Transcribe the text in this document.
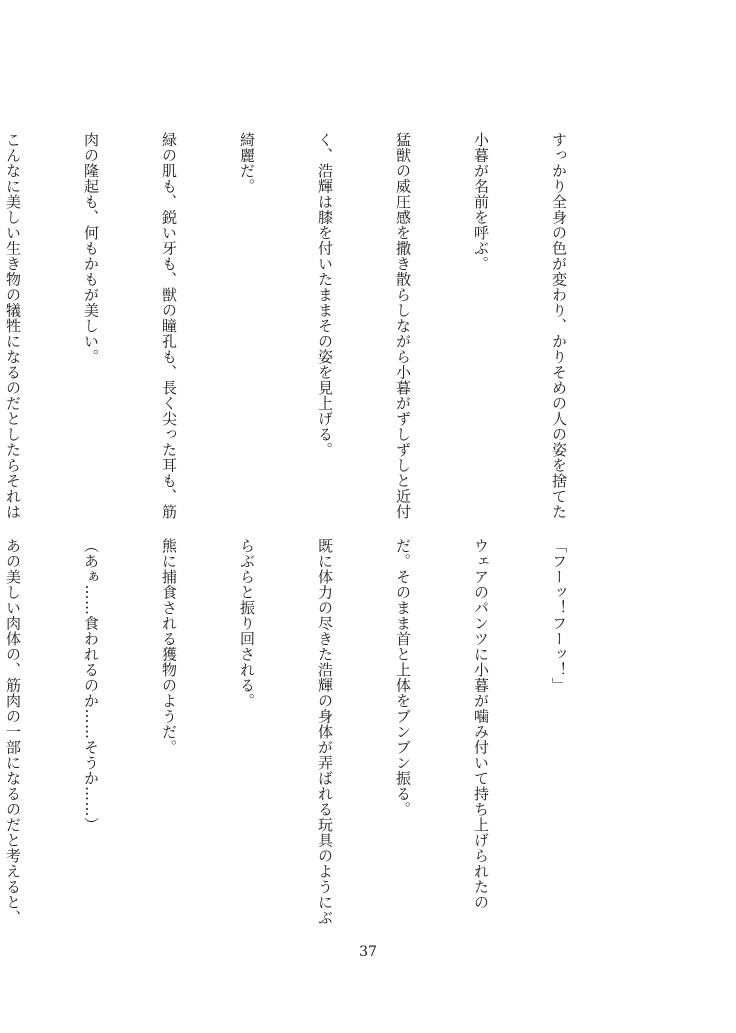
すっかり全身の色が変わり、かりそめの人の姿を捨てた

小暮が名前を呼ぶ。

猛獣の威圧感を撒き散らしながら小暮がずしずしと近付

く、浩輝は膝を付いたままその姿を見上げる。

綺麗だ。

緑の肌も、鋭い牙も、獣の瞳孔も、長く尖った耳も、筋

肉の隆起も、何もかもが美しい。

こんなに美しい生き物の犠牲になるのだとしたらそれは

「フーッ！フーッ！」

ウェアのパンツに小暮が噛み付いて持ち上げられたの

だ。そのまま首と上体をブンブン振る。

既に体力の尽きた浩輝の身体が弄ばれる玩具のようにぶ

らぶらと振り回される。

熊に捕食される獲物のようだ。

（あぁ……食われるのか……そうか……）

あの美しい肉体の、筋肉の一部になるのだと考えると、

37
